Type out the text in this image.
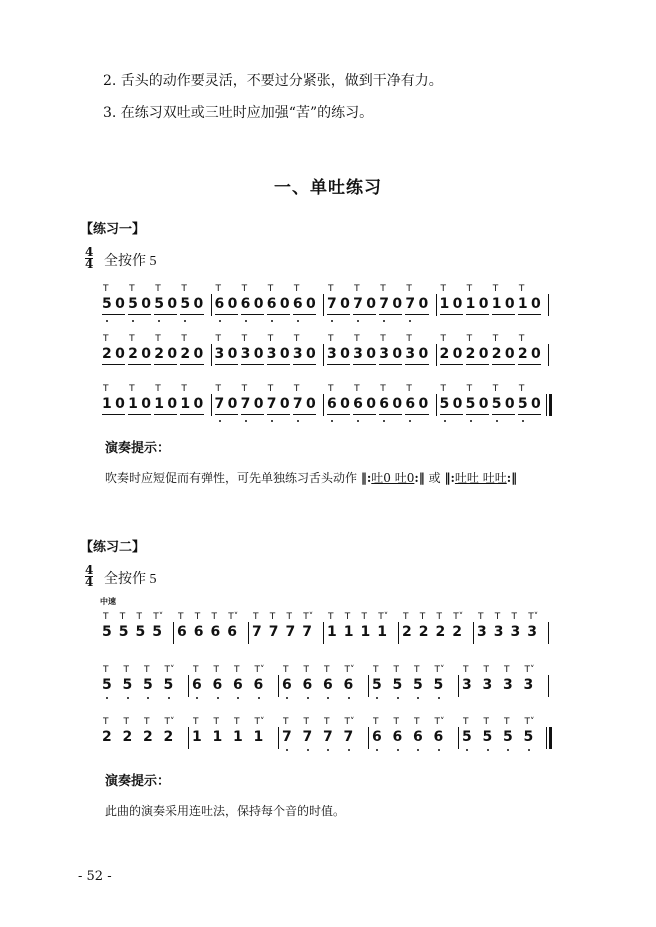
2. 舌头的动作要灵活，不要过分紧张，做到干净有力。
3. 在练习双吐或三吐时应加强“苦”的练习。
一、单吐练习
【练习一】
4
4 全按作 5
T
5 0
T
5 0
T
5 0
T
5 0
T
6 0
T
6 0
T
6 0
T
6 0
T
7 0
T
7 0
T
7 0
T
7 0
T
1 0
T
1 0
T
1 0
T
1 0
T
2 0
T
2 0
T
2 0
T
2 0
T
3 0
T
3 0
T
3 0
T
3 0
T
3 0
T
3 0
T
3 0
T
3 0
T
2 0
T
2 0
T
2 0
T
2 0
T
1 0
T
1 0
T
1 0
T
1 0
T
7 0
T
7 0
T
7 0
T
7 0
T
6 0
T
6 0
T
6 0
T
6 0
T
5 0
T
5 0
T
5 0
T
5 0
演奏提示：
吹奏时应短促而有弹性，可先单独练习舌头动作 ‖:吐0 吐0:‖ 或 ‖:吐吐 吐吐:‖
【练习二】
4
4 全按作 5
中速
T
5
T
5
T
5
T˅
5
T
6
T
6
T
6
T˅
6
T
7
T
7
T
7
T˅
7
T
1
T
1
T
1
T˅
1
T
2
T
2
T
2
T˅
2
T
3
T
3
T
3
T˅
3
T
5
T
5
T
5
T˅
5
T
6
T
6
T
6
T˅
6
T
6
T
6
T
6
T˅
6
T
5
T
5
T
5
T˅
5
T
3
T
3
T
3
T˅
3
T
2
T
2
T
2
T˅
2
T
1
T
1
T
1
T˅
1
T
7
T
7
T
7
T˅
7
T
6
T
6
T
6
T˅
6
T
5
T
5
T
5
T˅
5
演奏提示：
此曲的演奏采用连吐法，保持每个音的时值。
- 52 -
